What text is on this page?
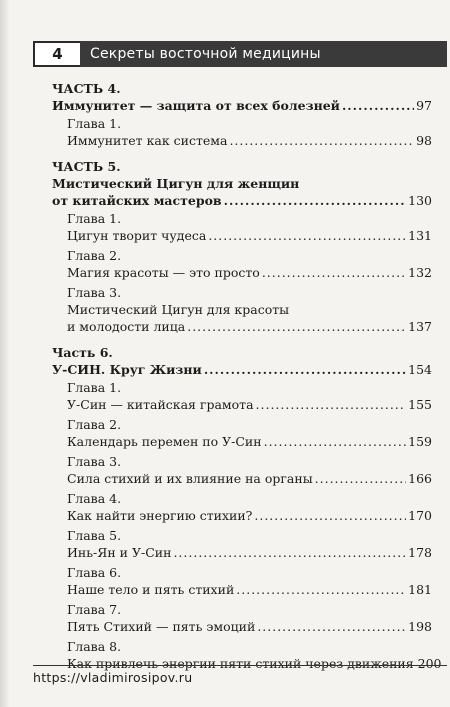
4	Секреты восточной медицины
ЧАСТЬ 4.
Иммунитет — защита от всех болезней .....	97
Глава 1.
Иммунитет как система .....	98
ЧАСТЬ 5.
Мистический Цигун для женщин
от китайских мастеров .....	130
Глава 1.
Цигун творит чудеса .....	131
Глава 2.
Магия красоты — это просто .....	132
Глава 3.
Мистический Цигун для красоты
и молодости лица .....	137
Часть 6.
У-СИН. Круг Жизни .....	154
Глава 1.
У-Син — китайская грамота .....	155
Глава 2.
Календарь перемен по У-Син .....	159
Глава 3.
Сила стихий и их влияние на органы .....	166
Глава 4.
Как найти энергию стихии? .....	170
Глава 5.
Инь-Ян и У-Син .....	178
Глава 6.
Наше тело и пять стихий .....	181
Глава 7.
Пять Стихий — пять эмоций .....	198
Глава 8.
Как привлечь энергии пяти стихий через движения 200
https://vladimirosipov.ru
